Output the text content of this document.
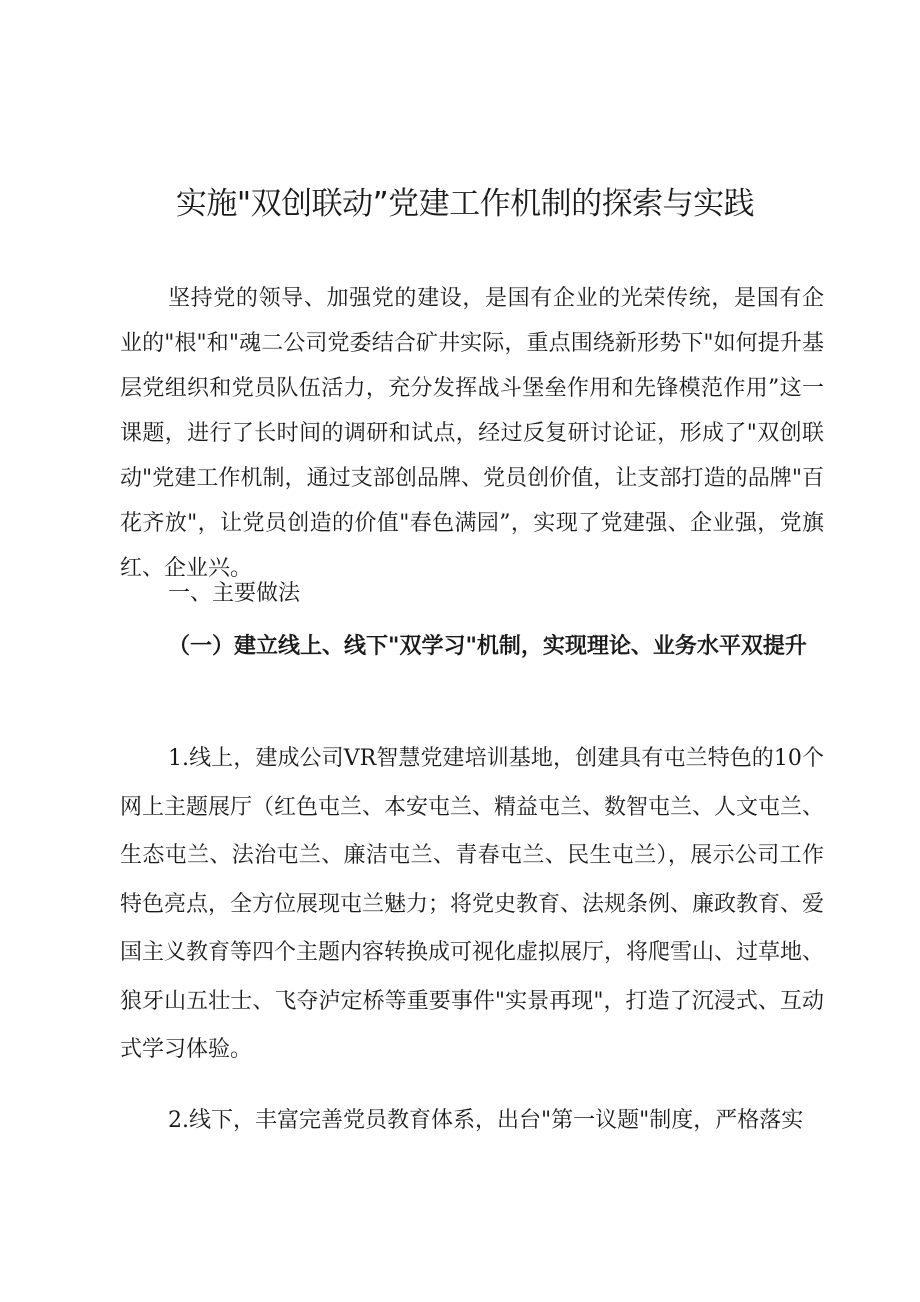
实施"双创联动”党建工作机制的探索与实践

坚持党的领导、加强党的建设，是国有企业的光荣传统，是国有企业的"根"和"魂二公司党委结合矿井实际，重点围绕新形势下"如何提升基层党组织和党员队伍活力，充分发挥战斗堡垒作用和先锋模范作用”这一课题，进行了长时间的调研和试点，经过反复研讨论证，形成了"双创联动"党建工作机制，通过支部创品牌、党员创价值，让支部打造的品牌"百花齐放"，让党员创造的价值"春色满园”，实现了党建强、企业强，党旗红、企业兴。

一、主要做法
（一）建立线上、线下"双学习"机制，实现理论、业务水平双提升

1.线上，建成公司VR智慧党建培训基地，创建具有屯兰特色的10个网上主题展厅（红色屯兰、本安屯兰、精益屯兰、数智屯兰、人文屯兰、生态屯兰、法治屯兰、廉洁屯兰、青春屯兰、民生屯兰），展示公司工作特色亮点，全方位展现屯兰魅力；将党史教育、法规条例、廉政教育、爱国主义教育等四个主题内容转换成可视化虚拟展厅，将爬雪山、过草地、狼牙山五壮士、飞夺泸定桥等重要事件"实景再现"，打造了沉浸式、互动式学习体验。

2.线下，丰富完善党员教育体系，出台"第一议题"制度，严格落实
